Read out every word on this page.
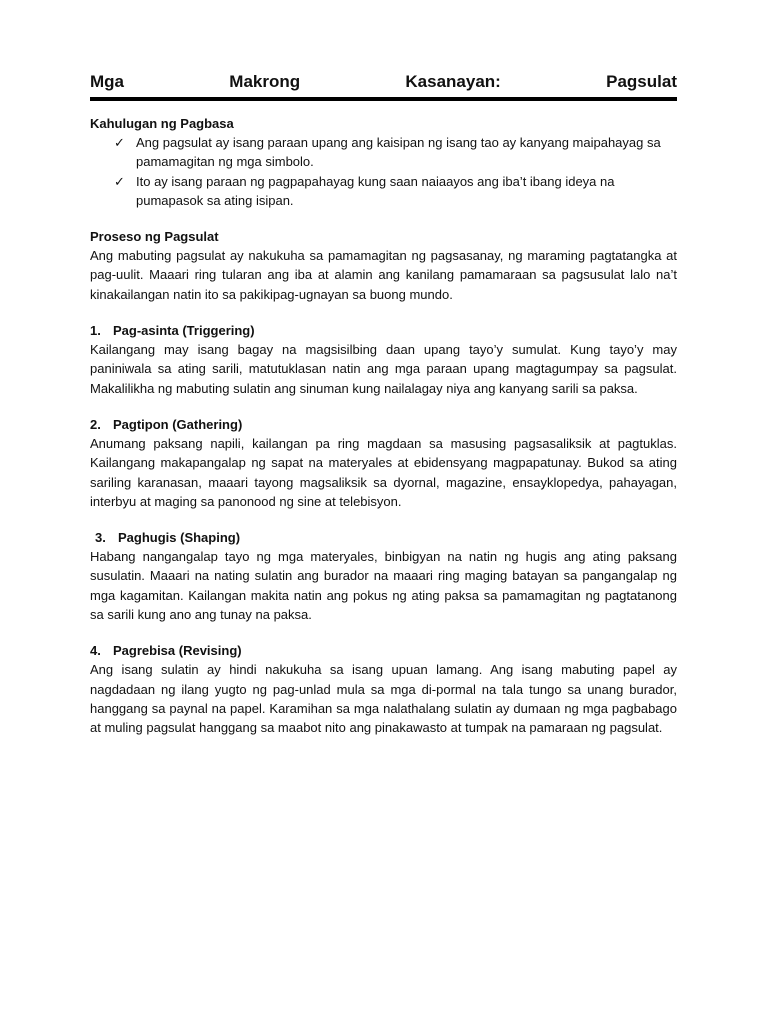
Mga	Makrong	Kasanayan:	Pagsulat
Kahulugan ng Pagbasa
✓ Ang pagsulat ay isang paraan upang ang kaisipan ng isang tao ay kanyang maipahayag sa pamamagitan ng mga simbolo.
✓ Ito ay isang paraan ng pagpapahayag kung saan naiaayos ang iba’t ibang ideya na pumapasok sa ating isipan.
Proseso ng Pagsulat
Ang mabuting pagsulat ay nakukuha sa pamamagitan ng pagsasanay, ng maraming pagtatangka at pag-uulit. Maaari ring tularan ang iba at alamin ang kanilang pamamaraan sa pagsusulat lalo na’t kinakailangan natin ito sa pakikipag-ugnayan sa buong mundo.
1. Pag-asinta (Triggering)
Kailangang may isang bagay na magsisilbing daan upang tayo’y sumulat. Kung tayo’y may paniniwala sa ating sarili, matutuklasan natin ang mga paraan upang magtagumpay sa pagsulat. Makalilikha ng mabuting sulatin ang sinuman kung nailalagay niya ang kanyang sarili sa paksa.
2. Pagtipon (Gathering)
Anumang paksang napili, kailangan pa ring magdaan sa masusing pagsasaliksik at pagtuklas. Kailangang makapangalap ng sapat na materyales at ebidensyang magpapatunay. Bukod sa ating sariling karanasan, maaari tayong magsaliksik sa dyornal, magazine, ensayklopedya, pahayagan, interbyu at maging sa panonood ng sine at telebisyon.
3. Paghugis (Shaping)
Habang nangangalap tayo ng mga materyales, binbigyan na natin ng hugis ang ating paksang susulatin. Maaari na nating sulatin ang burador na maaari ring maging batayan sa pangangalap ng mga kagamitan. Kailangan makita natin ang pokus ng ating paksa sa pamamagitan ng pagtatanong sa sarili kung ano ang tunay na paksa.
4. Pagrebisa (Revising)
Ang isang sulatin ay hindi nakukuha sa isang upuan lamang. Ang isang mabuting papel ay nagdadaan ng ilang yugto ng pag-unlad mula sa mga di-pormal na tala tungo sa unang burador, hanggang sa paynal na papel. Karamihan sa mga nalathalang sulatin ay dumaan ng mga pagbabago at muling pagsulat hanggang sa maabot nito ang pinakawasto at tumpak na pamaraan ng pagsulat.
